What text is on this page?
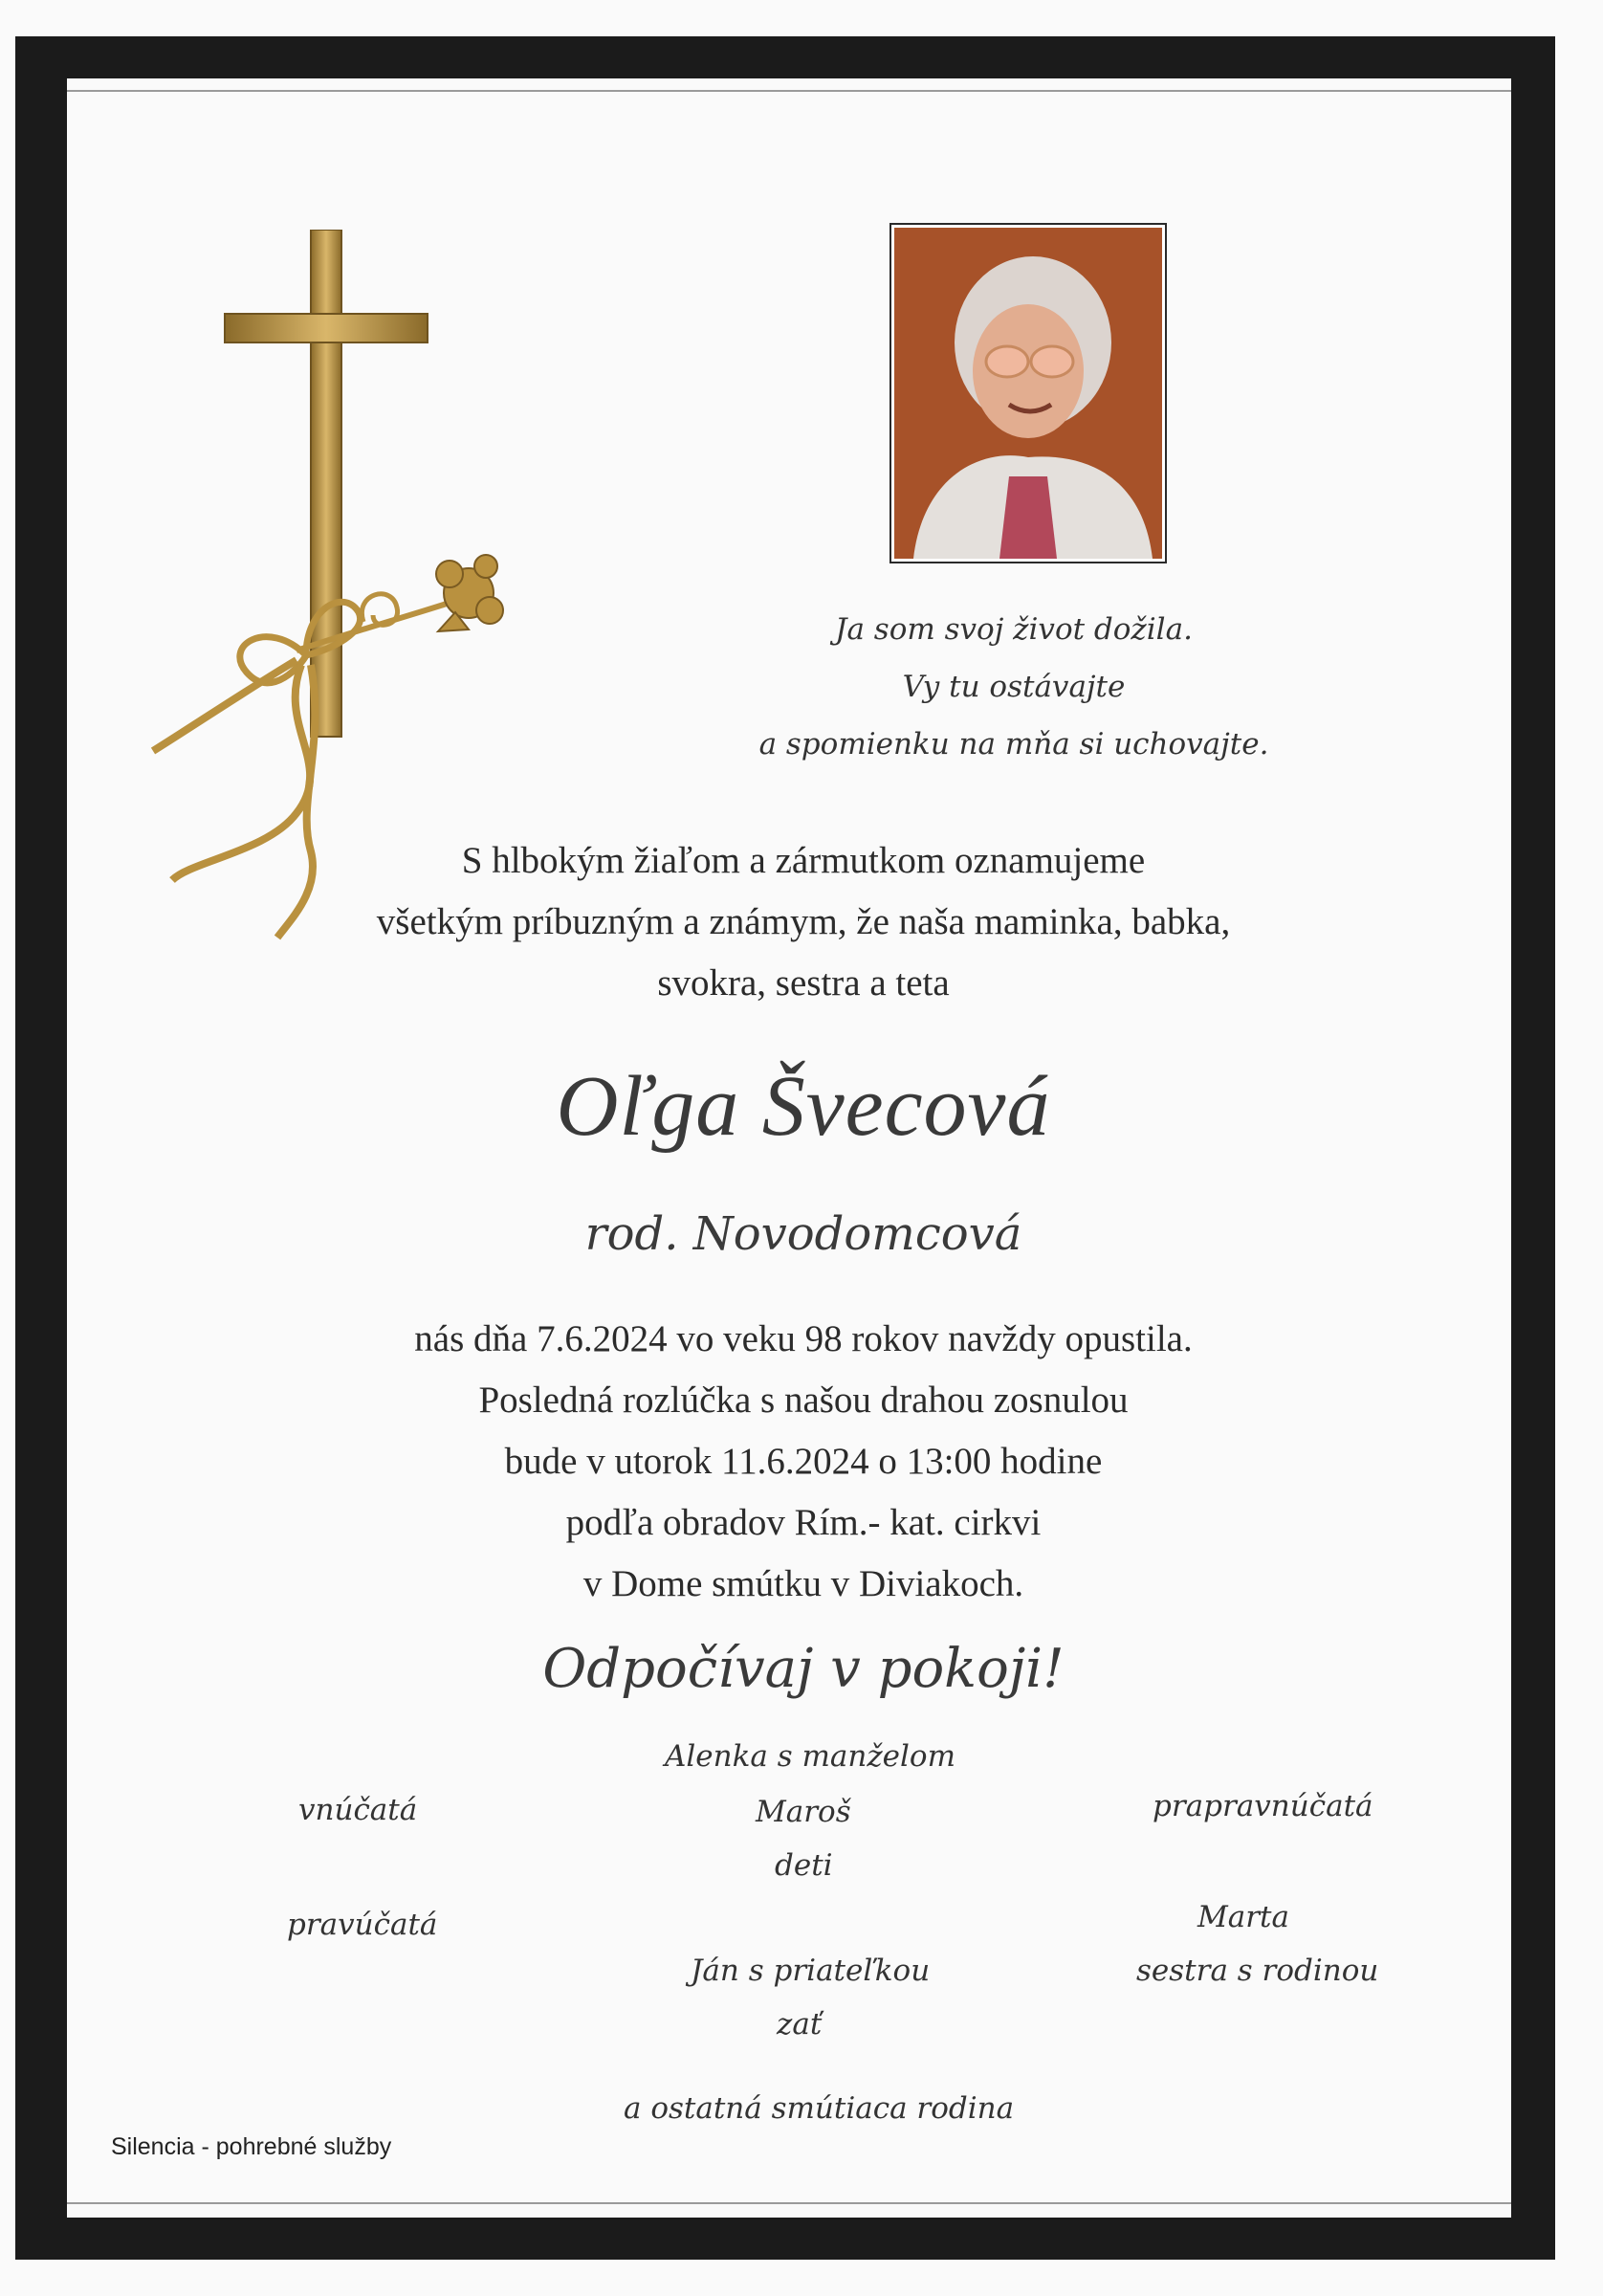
Ja som svoj život dožila.
Vy tu ostávajte
a spomienku na mňa si uchovajte.
S hlbokým žiaľom a zármutkom oznamujeme
všetkým príbuzným a známym, že naša maminka, babka,
svokra, sestra a teta
Oľga Švecová
rod. Novodomcová
nás dňa 7.6.2024 vo veku 98 rokov navždy opustila.
Posledná rozlúčka s našou drahou zosnulou
bude v utorok 11.6.2024 o 13:00 hodine
podľa obradov Rím.- kat. cirkvi
v Dome smútku v Diviakoch.
Odpočívaj v pokoji!
vnúčatá
pravúčatá
Alenka s manželom
Maroš
deti
Ján s priateľkou
zať
prapravnúčatá
Marta
sestra s rodinou
a ostatná smútiaca rodina
Silencia - pohrebné služby
